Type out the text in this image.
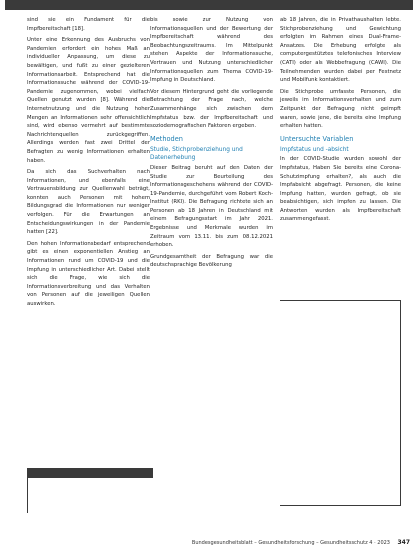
sind sie ein Fundament für die Impfbereitschaft [18].

Unter eine Erkennung des Ausbruchs von Pandemien erfordert ein hohes Maß an individueller Anpassung, um diese zu bewältigen, und fußt zu einer gezielteren Informationsarbeit. Entsprechend hat die Informationssuche während der COVID-19-Pandemie zugenommen, wobei vielfach Quellen genutzt wurden [8]. Während die Internetnutzung und die Nutzung hoher Mengen an Informationen sehr offensichtlich sind, wird ebenso vermehrt auf bestimmte Nachrichtenquellen zurückgegriffen. Allerdings werden fast zwei Drittel der Befragten zu wenig Informationen erhalten haben.

Da sich das Suchverhalten nach Informationen, und ebenfalls eine Vertrauensbildung zur Quellenwahl beträgt, konnten auch Personen mit hohem Bildungsgrad die Informationen nur weniger verfolgen. Für die Erwartungen an Entscheidungswirkungen in der Pandemie hatten [22].

Den hohen Informationsbedarf entsprechend gibt es einen exponentiellen Anstieg an Informationen rund um COVID-19 und die Impfung in unterschiedlicher Art. Dabei stellt sich die Frage, wie sich die Informationsverbreitung und das Verhalten von Personen auf die jeweiligen Quellen auswirken.

bis sowie zur Nutzung von Informationsquellen und der Bewertung der Impfbereitschaft während des Beobachtungszeitraums. Im Mittelpunkt stehen Aspekte der Informationssuche, Vertrauen und Nutzung unterschiedlicher Informationsquellen zum Thema COVID-19-Impfung in Deutschland.

Vor diesem Hintergrund geht die vorliegende Betrachtung der Frage nach, welche Zusammenhänge sich zwischen dem Impfstatus bzw. der Impfbereitschaft und soziodemografischen Faktoren ergeben.

Methoden
Studie, Stichprobenziehung und Datenerhebung

Dieser Beitrag beruht auf den Daten der Studie zur Beurteilung des Informationsgeschehens während der COVID-19-Pandemie, durchgeführt vom Robert Koch-Institut (RKI). Die Befragung richtete sich an Personen ab 18 Jahren in Deutschland mit einem Befragungsstart im Jahr 2021. Ergebnisse und Merkmale wurden im Zeitraum vom 13.11. bis zum 08.12.2021 erhoben.

Grundgesamtheit der Befragung war die deutschsprachige Bevölkerung

ab 18 Jahren, die in Privathaushalten lebte. Stichprobenziehung und Gewichtung erfolgten im Rahmen eines Dual-Frame-Ansatzes. Die Erhebung erfolgte als computergestütztes telefonisches Interview (CATI) oder als Webbefragung (CAWI). Die Teilnehmenden wurden dabei per Festnetz und Mobilfunk kontaktiert.

Die Stichprobe umfasste Personen, die jeweils im Informationsverhalten und zum Zeitpunkt der Befragung nicht geimpft waren, sowie jene, die bereits eine Impfung erhalten hatten.

Untersuchte Variablen
Impfstatus und -absicht

In der COVID-Studie wurden sowohl der Impfstatus, Haben Sie bereits eine Corona-Schutzimpfung erhalten?, als auch die Impfabsicht abgefragt. Personen, die keine Impfung hatten, wurden gefragt, ob sie beabsichtigen, sich impfen zu lassen. Die Antworten wurden als Impfbereitschaft zusammengefasst.

Bundesgesundheitsblatt – Gesundheitsforschung – Gesundheitsschutz 4 · 2023 347
